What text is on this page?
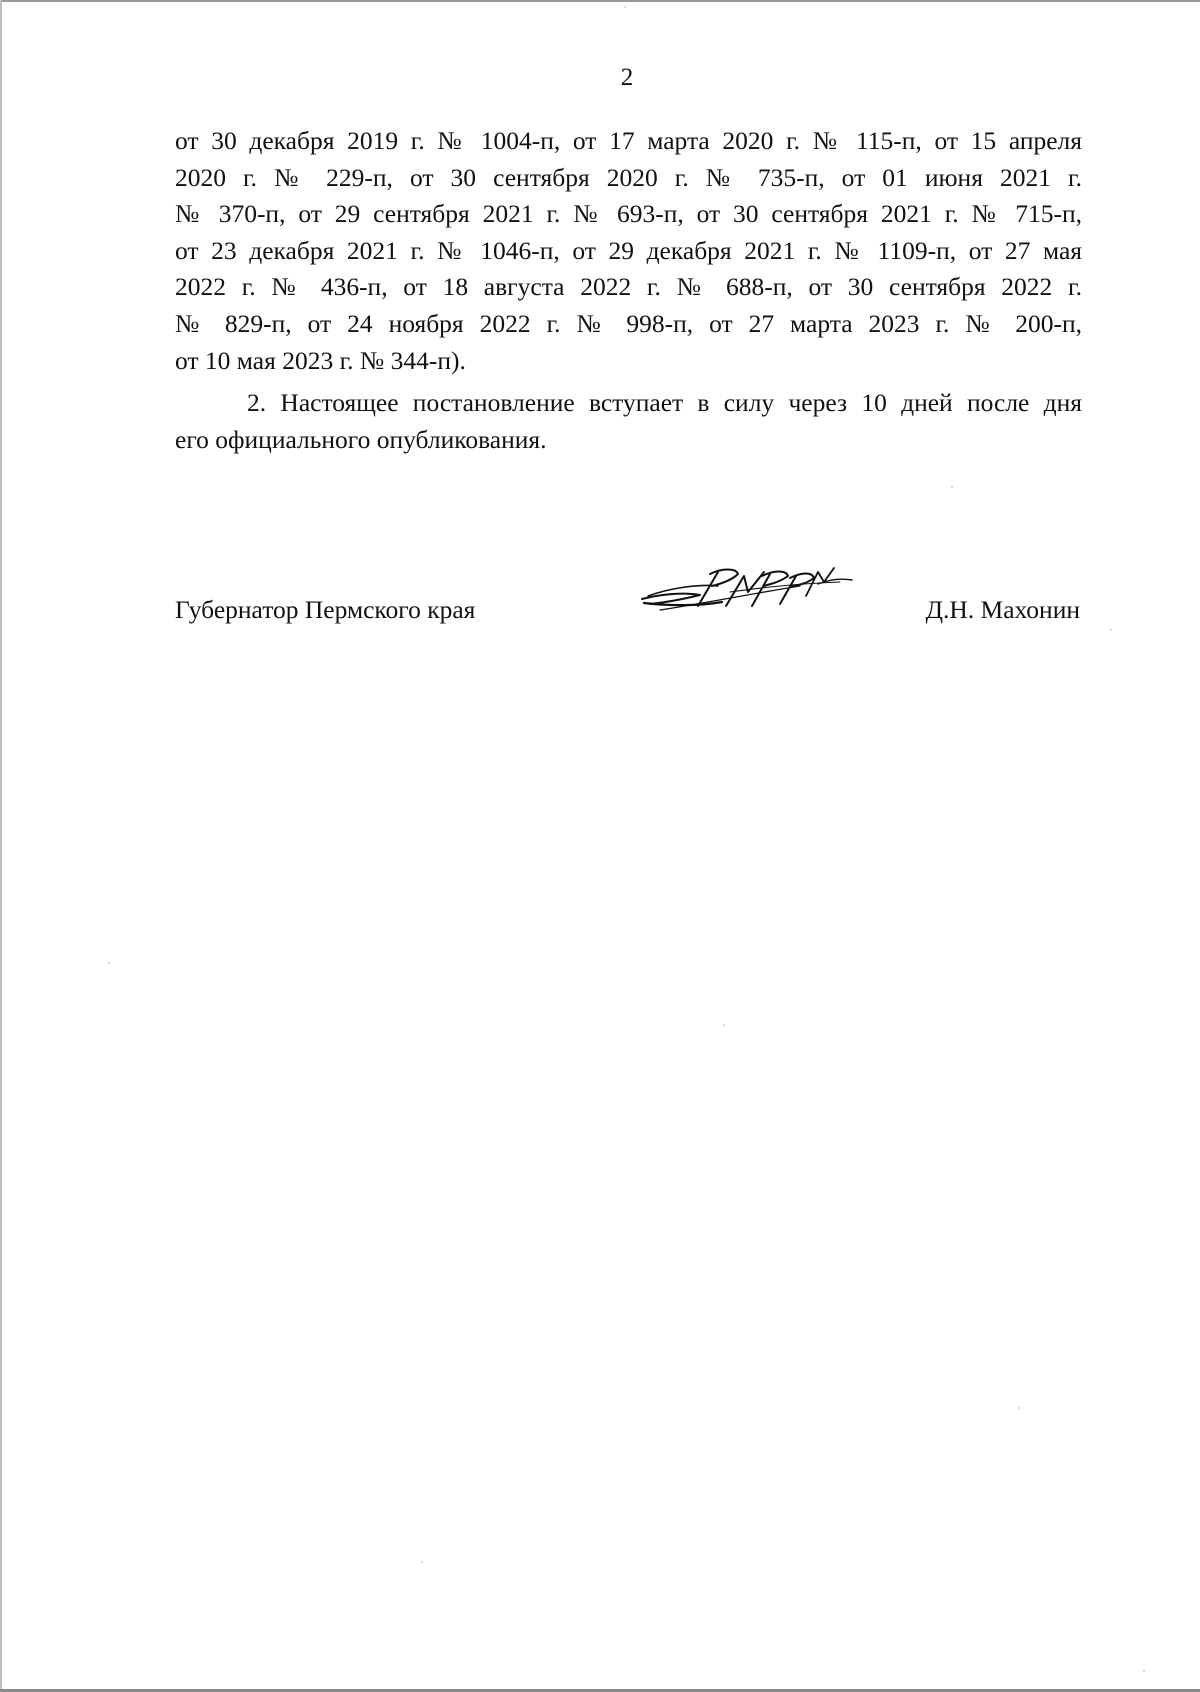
2

от 30 декабря 2019 г. № 1004-п, от 17 марта 2020 г. № 115-п, от 15 апреля
2020 г. № 229-п, от 30 сентября 2020 г. № 735-п, от 01 июня 2021 г.
№ 370-п, от 29 сентября 2021 г. № 693-п, от 30 сентября 2021 г. № 715-п,
от 23 декабря 2021 г. № 1046-п, от 29 декабря 2021 г. № 1109-п, от 27 мая
2022 г. № 436-п, от 18 августа 2022 г. № 688-п, от 30 сентября 2022 г.
№ 829-п, от 24 ноября 2022 г. № 998-п, от 27 марта 2023 г. № 200-п,
от 10 мая 2023 г. № 344-п).

2. Настоящее постановление вступает в силу через 10 дней после дня
его официального опубликования.

Губернатор Пермского края	Д.Н. Махонин
